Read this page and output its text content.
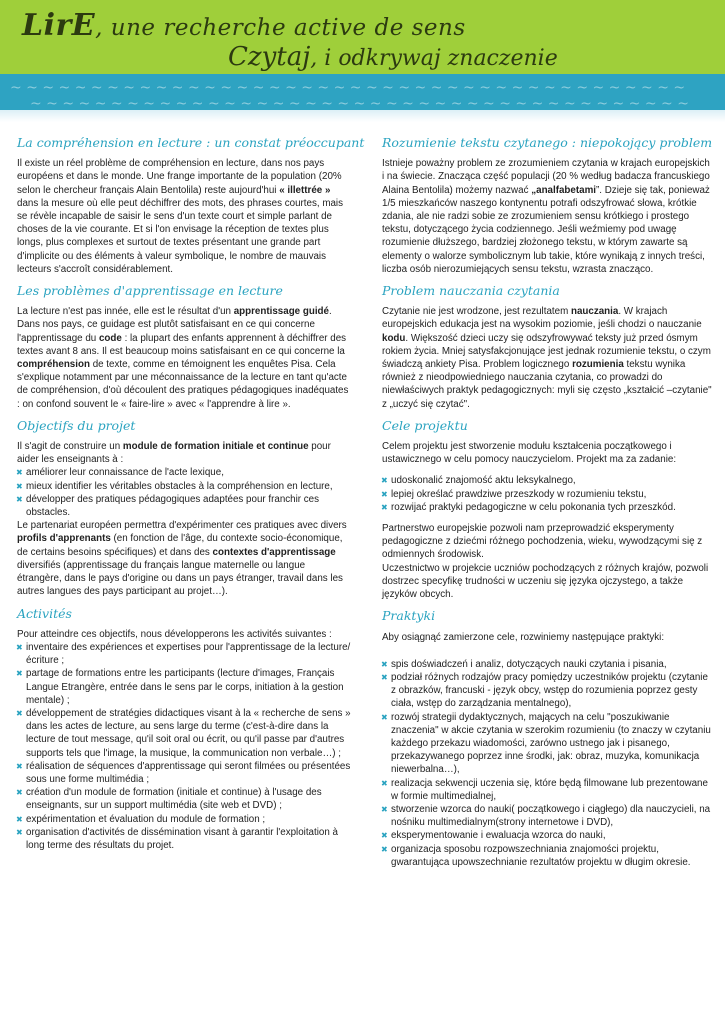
~ ~ ~ ~ ~ ~ ~ ~ ~ ~ ~ ~ ~ ~ ~ ~ ~ ~ ~ ~ ~ ~ ~ ~ ~ ~ ~ ~ ~ ~ ~ ~ ~ ~ ~ ~ ~ ~ ~ ~ ~ ~
~ ~ ~ ~ ~ ~ ~ ~ ~ ~ ~ ~ ~ ~ ~ ~ ~ ~ ~ ~ ~ ~ ~ ~ ~ ~ ~ ~ ~ ~ ~ ~ ~ ~ ~ ~ ~ ~ ~ ~ ~
LirE, une recherche active de sens
Czytaj, i odkrywaj znaczenie
La compréhension en lecture : un constat préoccupant

Il existe un réel problème de compréhension en lecture, dans nos pays européens et dans le monde. Une frange importante de la population (20% selon le chercheur français Alain Bentolila) reste aujourd'hui « illettrée » dans la mesure où elle peut déchiffrer des mots, des phrases courtes, mais se révèle incapable de saisir le sens d'un texte court et simple parlant de choses de la vie courante. Et si l'on envisage la réception de textes plus longs, plus complexes et surtout de textes présentant une grande part d'implicite ou des éléments à valeur symbolique, le nombre de mauvais lecteurs s'accroît considérablement.

Les problèmes d'apprentissage en lecture

La lecture n'est pas innée, elle est le résultat d'un apprentissage guidé. Dans nos pays, ce guidage est plutôt satisfaisant en ce qui concerne l'apprentissage du code : la plupart des enfants apprennent à déchiffrer des textes avant 8 ans. Il est beaucoup moins satisfaisant en ce qui concerne la compréhension de texte, comme en témoignent les enquêtes Pisa. Cela s'explique notamment par une méconnaissance de la lecture en tant qu'acte de compréhension, d'où découlent des pratiques pédagogiques inadéquates : on confond souvent le « faire-lire » avec « l'apprendre à lire ».

Objectifs du projet

Il s'agit de construire un module de formation initiale et continue pour aider les enseignants à :

✖ améliorer leur connaissance de l'acte lexique,
✖ mieux identifier les véritables obstacles à la compréhension en lecture,
✖ développer des pratiques pédagogiques adaptées pour franchir ces obstacles.

Le partenariat européen permettra d'expérimenter ces pratiques avec divers profils d'apprenants (en fonction de l'âge, du contexte socio-économique, de certains besoins spécifiques) et dans des contextes d'apprentissage diversifiés (apprentissage du français langue maternelle ou langue étrangère, dans le pays d'origine ou dans un pays étranger, travail dans les autres langues des pays participant au projet…).

Activités

Pour atteindre ces objectifs, nous développerons les activités suivantes :

✖ inventaire des expériences et expertises pour l'apprentissage de la lecture/écriture ;
✖ partage de formations entre les participants (lecture d'images, Français Langue Etrangère, entrée dans le sens par le corps, initiation à la gestion mentale) ;
✖ développement de stratégies didactiques visant à la « recherche de sens » dans les actes de lecture, au sens large du terme (c'est-à-dire dans la lecture de tout message, qu'il soit oral ou écrit, ou qu'il passe par d'autres supports tels que l'image, la musique, la communication non verbale…) ;
✖ réalisation de séquences d'apprentissage qui seront filmées ou présentées sous une forme multimédia ;
✖ création d'un module de formation (initiale et continue) à l'usage des enseignants, sur un support multimédia (site web et DVD) ;
✖ expérimentation et évaluation du module de formation ;
✖ organisation d'activités de dissémination visant à garantir l'exploitation à long terme des résultats du projet.
Rozumienie tekstu czytanego : niepokojący problem

Istnieje poważny problem ze zrozumieniem czytania w krajach europejskich i na świecie. Znacząca część populacji (20 % według badacza francuskiego Alaina Bentolila) możemy nazwać „analfabetami”. Dzieje się tak, ponieważ 1/5 mieszkańców naszego kontynentu potrafi odszyfrować słowa, krótkie zdania, ale nie radzi sobie ze zrozumieniem sensu krótkiego i prostego tekstu, dotyczącego życia codziennego. Jeśli weźmiemy pod uwagę rozumienie dłuższego, bardziej złożonego tekstu, w którym zawarte są elementy o walorze symbolicznym lub takie, które wynikają z innych treści, liczba osób nierozumiejących sensu tekstu, wzrasta znacząco.

Problem nauczania czytania

Czytanie nie jest wrodzone, jest rezultatem nauczania. W krajach europejskich edukacja jest na wysokim poziomie, jeśli chodzi o nauczanie kodu. Większość dzieci uczy się odszyfrowywać teksty już przed ósmym rokiem życia. Mniej satysfakcjonujące jest jednak rozumienie tekstu, o czym świadczą ankiety Pisa. Problem logicznego rozumienia tekstu wynika również z nieodpowiedniego nauczania czytania, co prowadzi do niewłaściwych praktyk pedagogicznych: myli się często „kształcić –czytanie" z „uczyć się czytać".

Cele projektu

Celem projektu jest stworzenie modułu kształcenia początkowego i ustawicznego w celu pomocy nauczycielom. Projekt ma za zadanie:

✖ udoskonalić znajomość aktu leksykalnego,
✖ lepiej określać prawdziwe przeszkody w rozumieniu tekstu,
✖ rozwijać praktyki pedagogiczne w celu pokonania tych przeszkód.

Partnerstwo europejskie pozwoli nam przeprowadzić eksperymenty pedagogiczne z dziećmi różnego pochodzenia, wieku, wywodzącymi się z odmiennych środowisk.

Uczestnictwo w projekcie uczniów pochodzących z różnych krajów, pozwoli dostrzec specyfikę trudności w uczeniu się języka ojczystego, a także języków obcych.

Praktyki

Aby osiągnąć zamierzone cele, rozwiniemy następujące praktyki:

✖ spis doświadczeń i analiz, dotyczących nauki czytania i pisania,
✖ podział różnych rodzajów pracy pomiędzy uczestników projektu (czytanie z obrazków, francuski - język obcy, wstęp do rozumienia poprzez gesty ciała, wstęp do zarządzania mentalnego),
✖ rozwój strategii dydaktycznych, mających na celu "poszukiwanie znaczenia" w akcie czytania w szerokim rozumieniu (to znaczy w czytaniu każdego przekazu wiadomości, zarówno ustnego jak i pisanego, przekazywanego poprzez inne środki, jak: obraz, muzyka, komunikacja niewerbalna…),
✖ realizacja sekwencji uczenia się, które będą filmowane lub prezentowane w formie multimedialnej,
✖ stworzenie wzorca do nauki( początkowego i ciągłego) dla nauczycieli, na nośniku multimedialnym(strony internetowe i DVD),
✖ eksperymentowanie i ewaluacja wzorca do nauki,
✖ organizacja sposobu rozpowszechniania znajomości projektu, gwarantująca upowszechnianie rezultatów projektu w długim okresie.
